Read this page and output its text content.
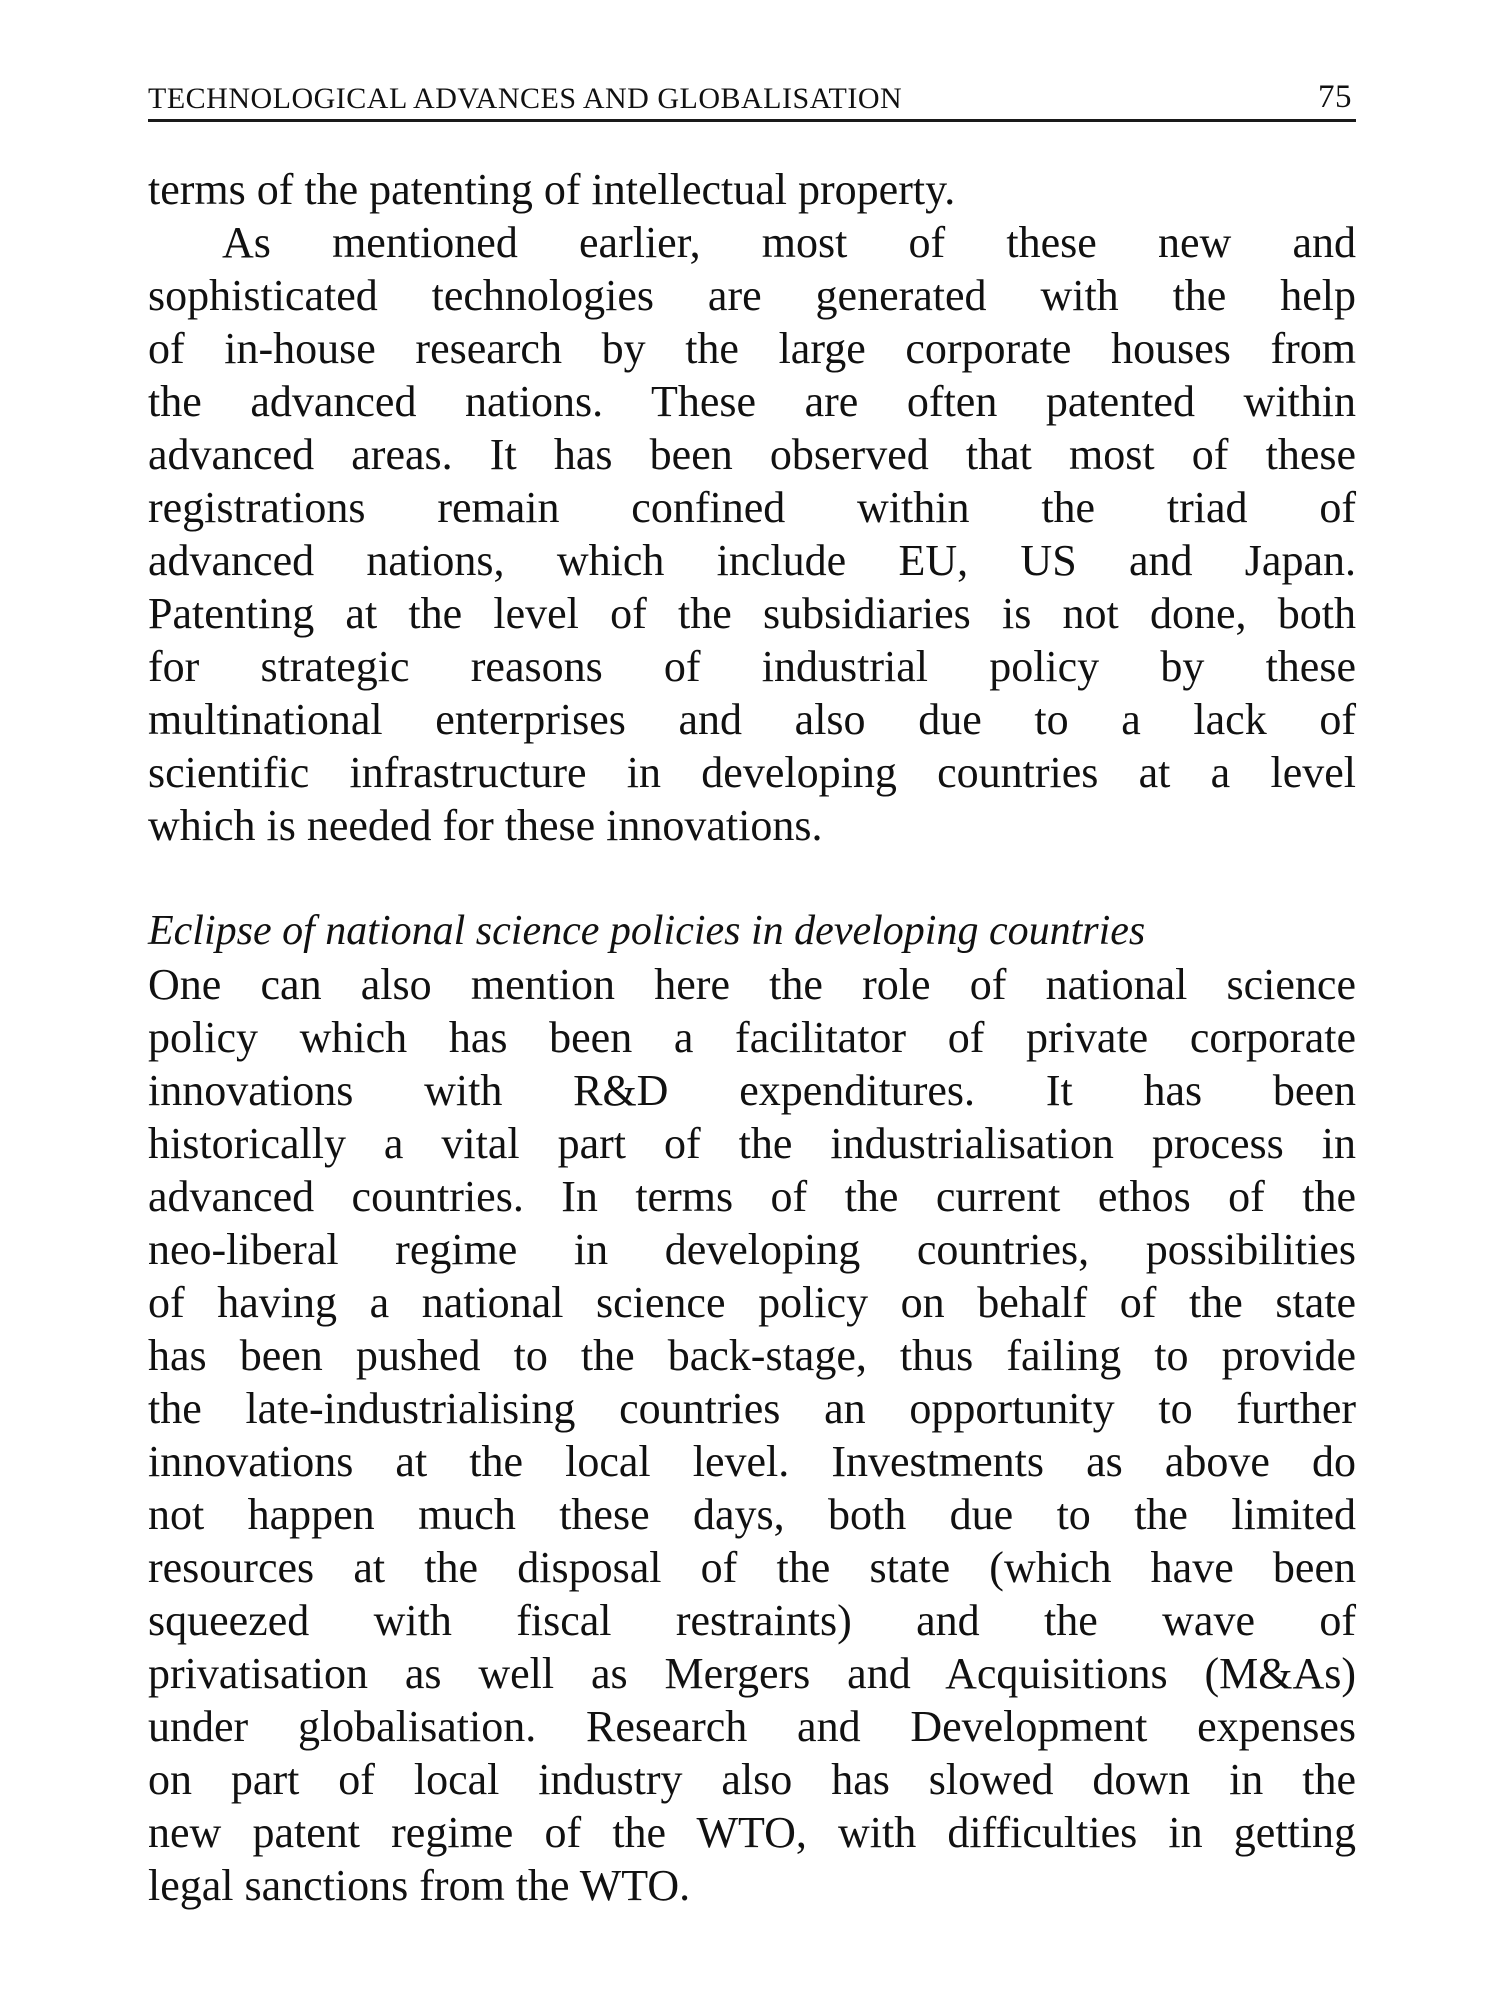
TECHNOLOGICAL ADVANCES AND GLOBALISATION	75
terms of the patenting of intellectual property.
As mentioned earlier, most of these new and
sophisticated technologies are generated with the help
of in-house research by the large corporate houses from
the advanced nations. These are often patented within
advanced areas. It has been observed that most of these
registrations remain confined within the triad of
advanced nations, which include EU, US and Japan.
Patenting at the level of the subsidiaries is not done, both
for strategic reasons of industrial policy by these
multinational enterprises and also due to a lack of
scientific infrastructure in developing countries at a level
which is needed for these innovations.
Eclipse of national science policies in developing countries
One can also mention here the role of national science
policy which has been a facilitator of private corporate
innovations with R&D expenditures. It has been
historically a vital part of the industrialisation process in
advanced countries. In terms of the current ethos of the
neo-liberal regime in developing countries, possibilities
of having a national science policy on behalf of the state
has been pushed to the back-stage, thus failing to provide
the late-industrialising countries an opportunity to further
innovations at the local level. Investments as above do
not happen much these days, both due to the limited
resources at the disposal of the state (which have been
squeezed with fiscal restraints) and the wave of
privatisation as well as Mergers and Acquisitions (M&As)
under globalisation. Research and Development expenses
on part of local industry also has slowed down in the
new patent regime of the WTO, with difficulties in getting
legal sanctions from the WTO.
